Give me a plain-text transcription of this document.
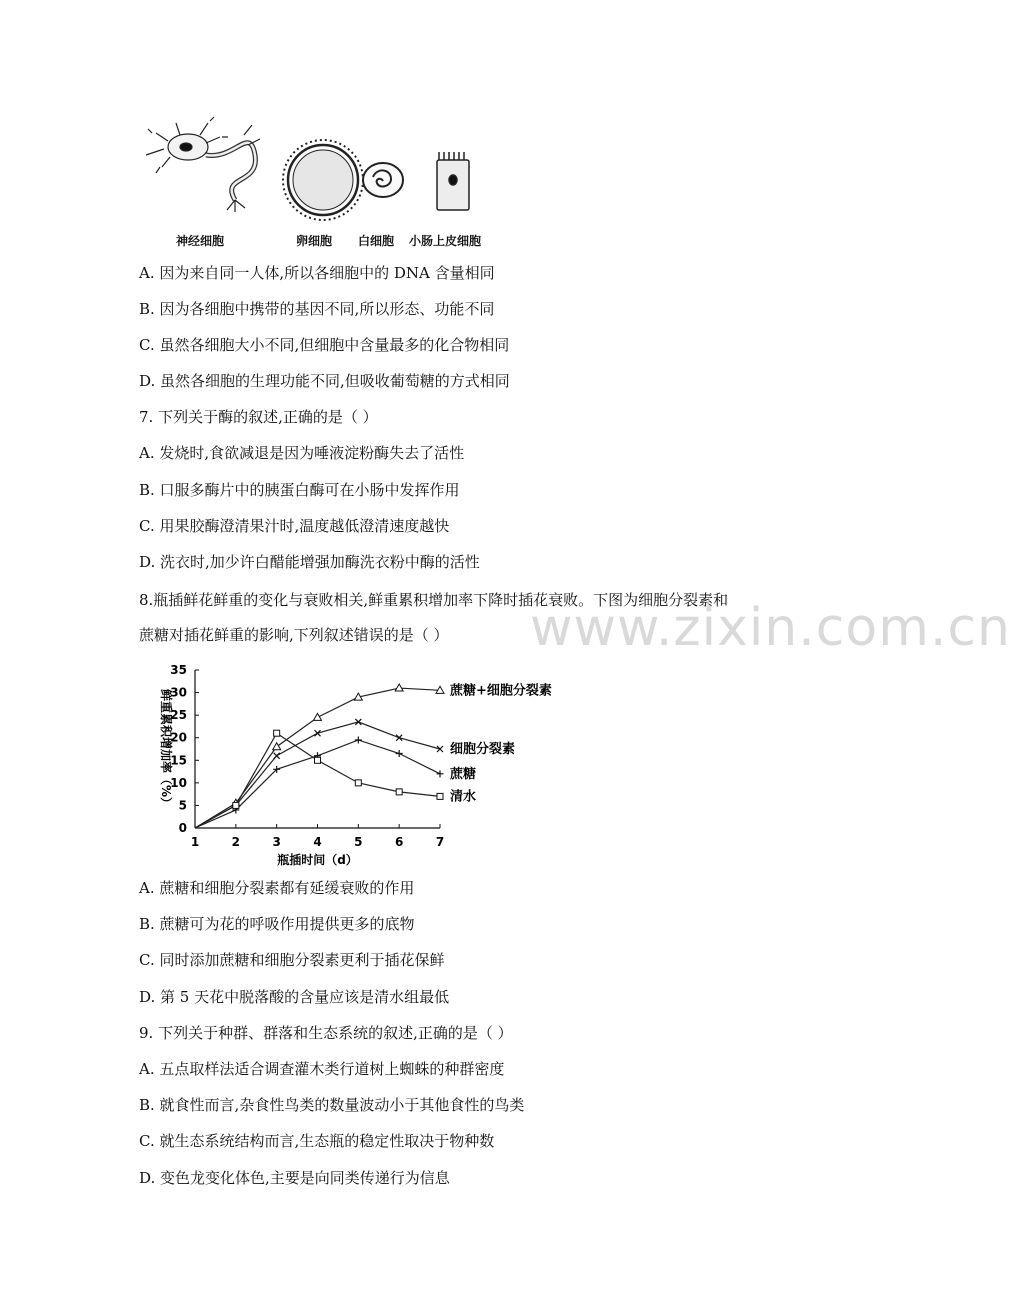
神经细胞	卵细胞 白细胞 小肠上皮细胞
A. 因为来自同一人体,所以各细胞中的 DNA 含量相同
B. 因为各细胞中携带的基因不同,所以形态、功能不同
C. 虽然各细胞大小不同,但细胞中含量最多的化合物相同
D. 虽然各细胞的生理功能不同,但吸收葡萄糖的方式相同
7. 下列关于酶的叙述,正确的是（ ）
A. 发烧时,食欲减退是因为唾液淀粉酶失去了活性
B. 口服多酶片中的胰蛋白酶可在小肠中发挥作用
C. 用果胶酶澄清果汁时,温度越低澄清速度越快
D. 洗衣时,加少许白醋能增强加酶洗衣粉中酶的活性
8.瓶插鲜花鲜重的变化与衰败相关,鲜重累积增加率下降时插花衰败。下图为细胞分裂素和
蔗糖对插花鲜重的影响,下列叙述错误的是（ ） www.zixin.com.cn
0
5
10
15
20
25
30
35
1	2	3	4	5	6	7
瓶插时间（d）
鲜重累积增加率（%）	蔗糖+细胞分裂素
细胞分裂素
蔗糖
清水
A. 蔗糖和细胞分裂素都有延缓衰败的作用
B. 蔗糖可为花的呼吸作用提供更多的底物
C. 同时添加蔗糖和细胞分裂素更利于插花保鲜
D. 第 5 天花中脱落酸的含量应该是清水组最低
9. 下列关于种群、群落和生态系统的叙述,正确的是（ ）
A. 五点取样法适合调查灌木类行道树上蜘蛛的种群密度
B. 就食性而言,杂食性鸟类的数量波动小于其他食性的鸟类
C. 就生态系统结构而言,生态瓶的稳定性取决于物种数
D. 变色龙变化体色,主要是向同类传递行为信息
